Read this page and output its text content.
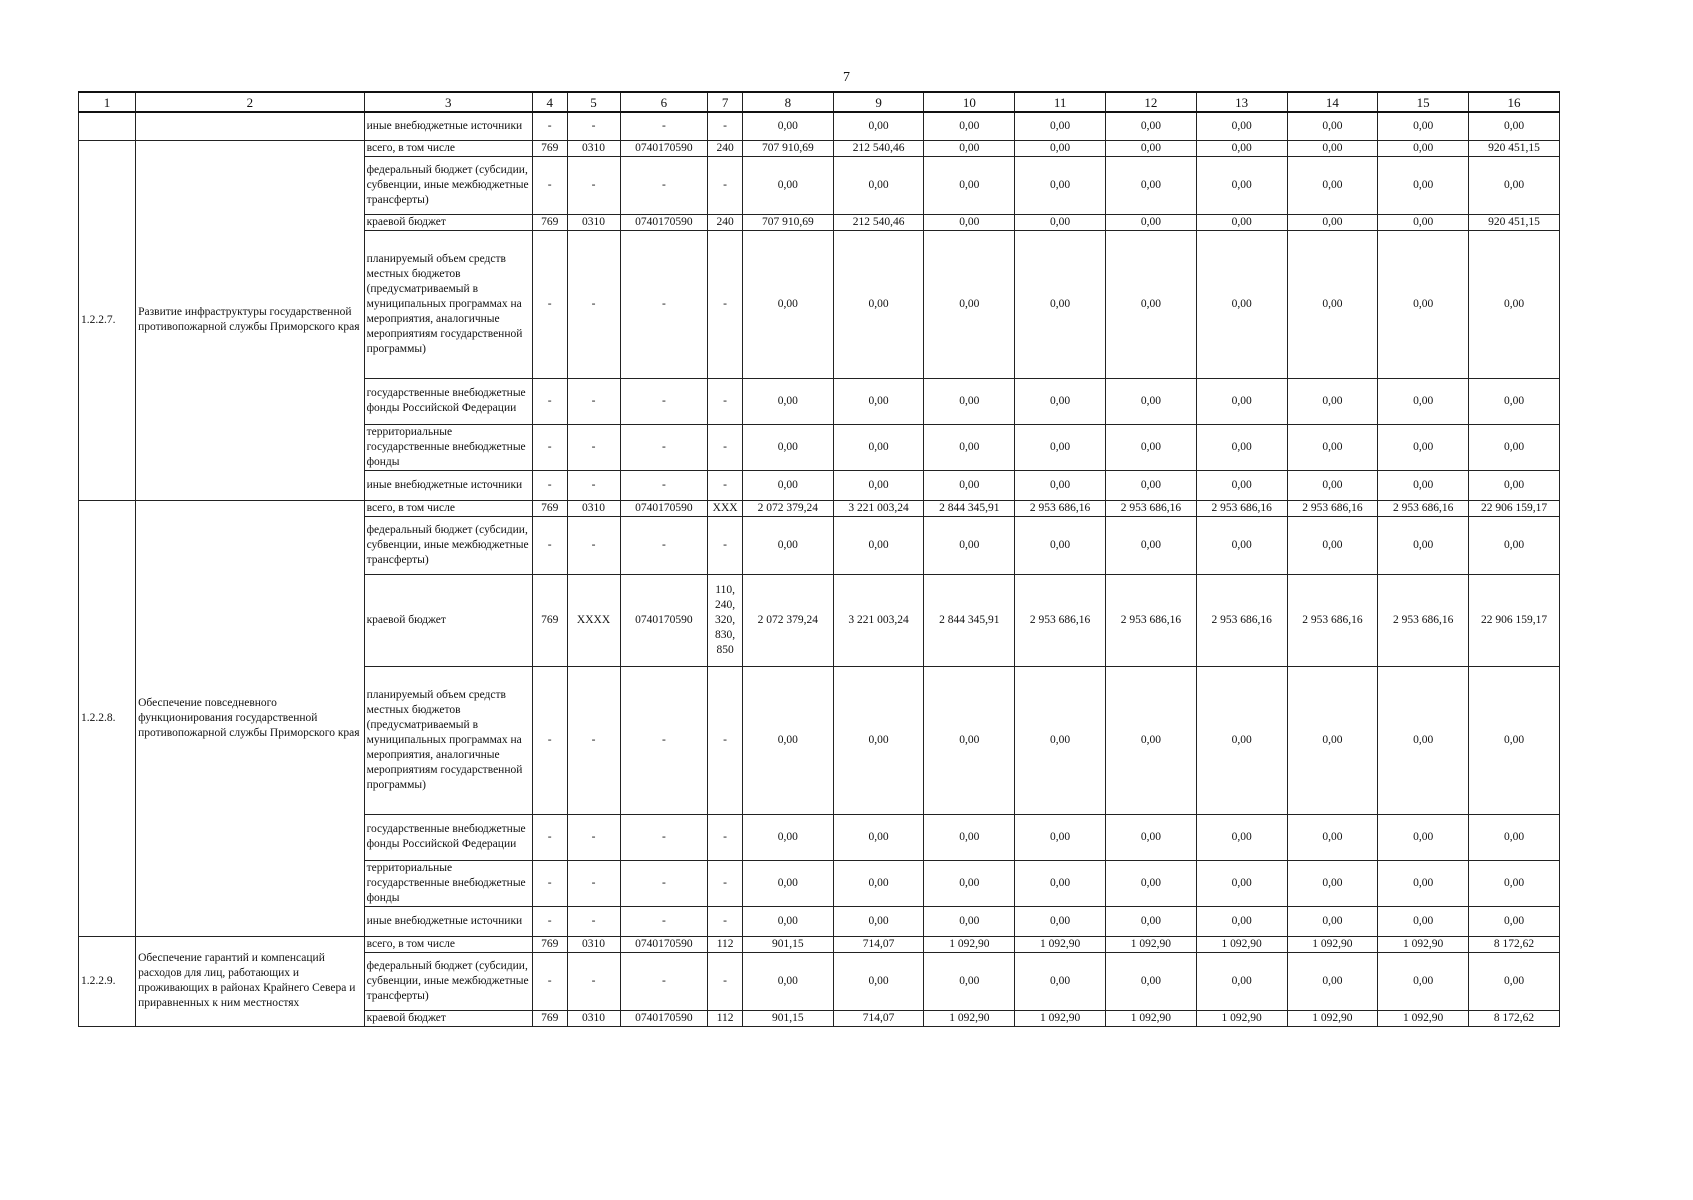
7
1	2	3	4	5	6	7	8	9	10	11	12	13	14	15	16
		иные внебюджетные источники	-	-	-	-	0,00	0,00	0,00	0,00	0,00	0,00	0,00	0,00	0,00
1.2.2.7.	Развитие инфраструктуры государственной противопожарной службы Приморского края	всего, в том числе	769	0310	0740170590	240	707 910,69	212 540,46	0,00	0,00	0,00	0,00	0,00	0,00	920 451,15
		федеральный бюджет (субсидии, субвенции, иные межбюджетные трансферты)	-	-	-	-	0,00	0,00	0,00	0,00	0,00	0,00	0,00	0,00	0,00
		краевой бюджет	769	0310	0740170590	240	707 910,69	212 540,46	0,00	0,00	0,00	0,00	0,00	0,00	920 451,15
		планируемый объем средств местных бюджетов (предусматриваемый в муниципальных программах на мероприятия, аналогичные мероприятиям государственной программы)	-	-	-	-	0,00	0,00	0,00	0,00	0,00	0,00	0,00	0,00	0,00
		государственные внебюджетные фонды Российской Федерации	-	-	-	-	0,00	0,00	0,00	0,00	0,00	0,00	0,00	0,00	0,00
		территориальные государственные внебюджетные фонды	-	-	-	-	0,00	0,00	0,00	0,00	0,00	0,00	0,00	0,00	0,00
		иные внебюджетные источники	-	-	-	-	0,00	0,00	0,00	0,00	0,00	0,00	0,00	0,00	0,00
1.2.2.8.	Обеспечение повседневного функционирования государственной противопожарной службы Приморского края	всего, в том числе	769	0310	0740170590	XXX	2 072 379,24	3 221 003,24	2 844 345,91	2 953 686,16	2 953 686,16	2 953 686,16	2 953 686,16	2 953 686,16	22 906 159,17
		федеральный бюджет (субсидии, субвенции, иные межбюджетные трансферты)	-	-	-	-	0,00	0,00	0,00	0,00	0,00	0,00	0,00	0,00	0,00
		краевой бюджет	769	XXXX	0740170590	110, 240, 320, 830, 850	2 072 379,24	3 221 003,24	2 844 345,91	2 953 686,16	2 953 686,16	2 953 686,16	2 953 686,16	2 953 686,16	22 906 159,17
		планируемый объем средств местных бюджетов (предусматриваемый в муниципальных программах на мероприятия, аналогичные мероприятиям государственной программы)	-	-	-	-	0,00	0,00	0,00	0,00	0,00	0,00	0,00	0,00	0,00
		государственные внебюджетные фонды Российской Федерации	-	-	-	-	0,00	0,00	0,00	0,00	0,00	0,00	0,00	0,00	0,00
		территориальные государственные внебюджетные фонды	-	-	-	-	0,00	0,00	0,00	0,00	0,00	0,00	0,00	0,00	0,00
		иные внебюджетные источники	-	-	-	-	0,00	0,00	0,00	0,00	0,00	0,00	0,00	0,00	0,00
1.2.2.9.	Обеспечение гарантий и компенсаций расходов для лиц, работающих и проживающих в районах Крайнего Севера и приравненных к ним местностях	всего, в том числе	769	0310	0740170590	112	901,15	714,07	1 092,90	1 092,90	1 092,90	1 092,90	1 092,90	1 092,90	8 172,62
		федеральный бюджет (субсидии, субвенции, иные межбюджетные трансферты)	-	-	-	-	0,00	0,00	0,00	0,00	0,00	0,00	0,00	0,00	0,00
		краевой бюджет	769	0310	0740170590	112	901,15	714,07	1 092,90	1 092,90	1 092,90	1 092,90	1 092,90	1 092,90	8 172,62
